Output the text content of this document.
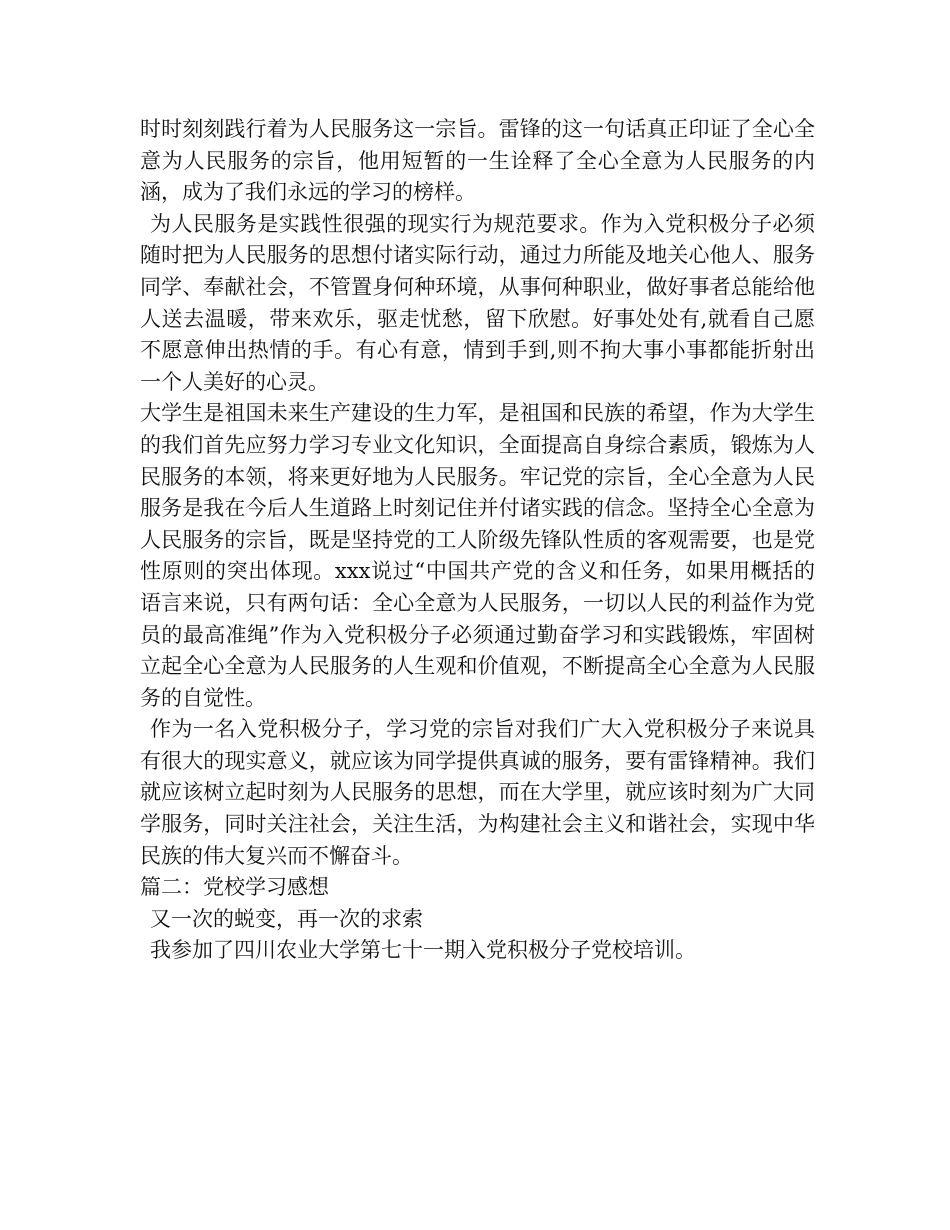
时时刻刻践行着为人民服务这一宗旨。雷锋的这一句话真正印证了全心全意为人民服务的宗旨，他用短暂的一生诠释了全心全意为人民服务的内涵，成为了我们永远的学习的榜样。

为人民服务是实践性很强的现实行为规范要求。作为入党积极分子必须随时把为人民服务的思想付诸实际行动，通过力所能及地关心他人、服务同学、奉献社会，不管置身何种环境，从事何种职业，做好事者总能给他人送去温暖，带来欢乐，驱走忧愁，留下欣慰。好事处处有,就看自己愿不愿意伸出热情的手。有心有意，情到手到,则不拘大事小事都能折射出一个人美好的心灵。

大学生是祖国未来生产建设的生力军，是祖国和民族的希望，作为大学生的我们首先应努力学习专业文化知识，全面提高自身综合素质，锻炼为人民服务的本领，将来更好地为人民服务。牢记党的宗旨，全心全意为人民服务是我在今后人生道路上时刻记住并付诸实践的信念。坚持全心全意为人民服务的宗旨，既是坚持党的工人阶级先锋队性质的客观需要，也是党性原则的突出体现。xxx说过“中国共产党的含义和任务，如果用概括的语言来说，只有两句话：全心全意为人民服务，一切以人民的利益作为党员的最高准绳”作为入党积极分子必须通过勤奋学习和实践锻炼，牢固树立起全心全意为人民服务的人生观和价值观，不断提高全心全意为人民服务的自觉性。

作为一名入党积极分子，学习党的宗旨对我们广大入党积极分子来说具有很大的现实意义，就应该为同学提供真诚的服务，要有雷锋精神。我们就应该树立起时刻为人民服务的思想，而在大学里，就应该时刻为广大同学服务，同时关注社会，关注生活，为构建社会主义和谐社会，实现中华民族的伟大复兴而不懈奋斗。

篇二：党校学习感想

又一次的蜕变，再一次的求索

我参加了四川农业大学第七十一期入党积极分子党校培训。
